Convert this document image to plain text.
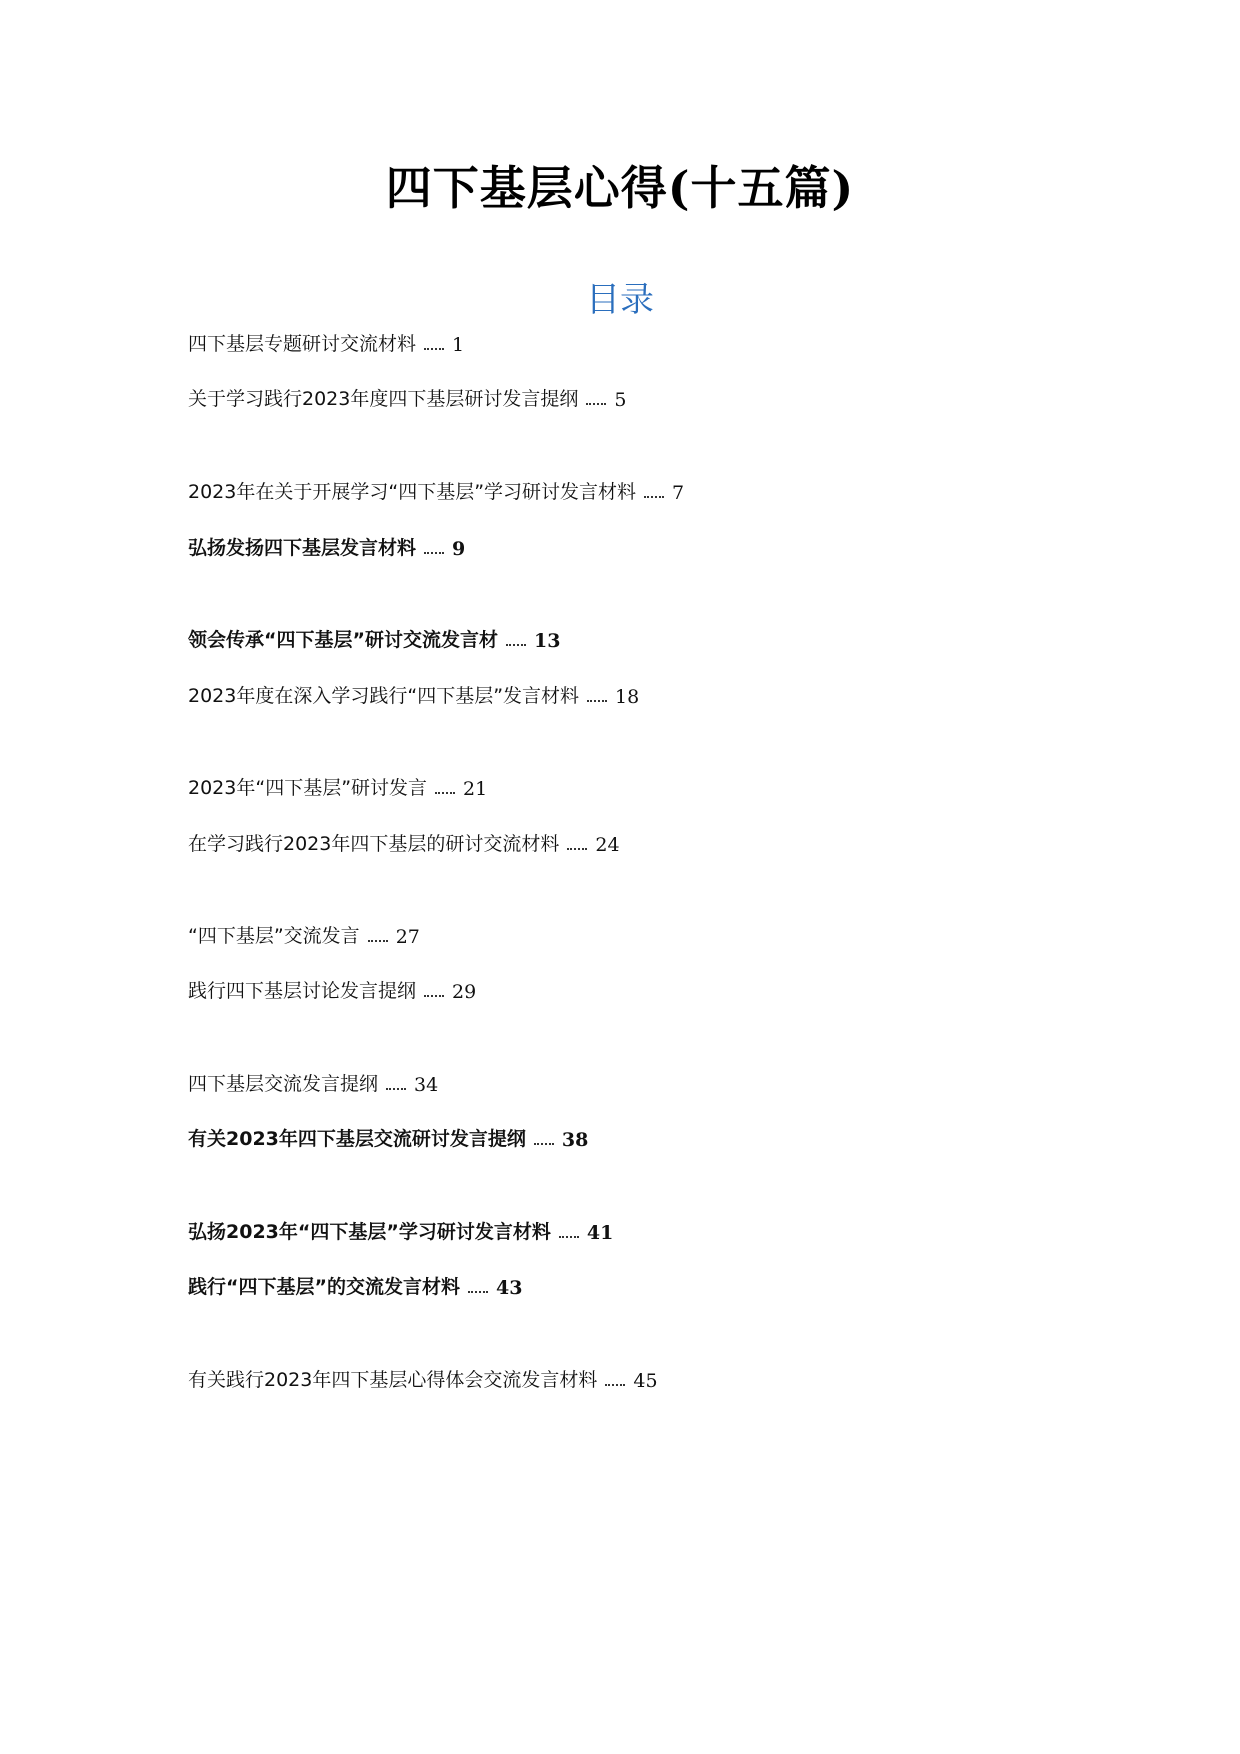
四下基层心得(十五篇)
目录
四下基层专题研讨交流材料	1
关于学习践行2023年度四下基层研讨发言提纲	5
2023年在关于开展学习“四下基层”学习研讨发言材料	7
弘扬发扬四下基层发言材料	9
领会传承“四下基层”研讨交流发言材	13
2023年度在深入学习践行“四下基层”发言材料	18
2023年“四下基层”研讨发言	21
在学习践行2023年四下基层的研讨交流材料	24
“四下基层”交流发言	27
践行四下基层讨论发言提纲	29
四下基层交流发言提纲	34
有关2023年四下基层交流研讨发言提纲	38
弘扬2023年“四下基层”学习研讨发言材料	41
践行“四下基层”的交流发言材料	43
有关践行2023年四下基层心得体会交流发言材料	45
